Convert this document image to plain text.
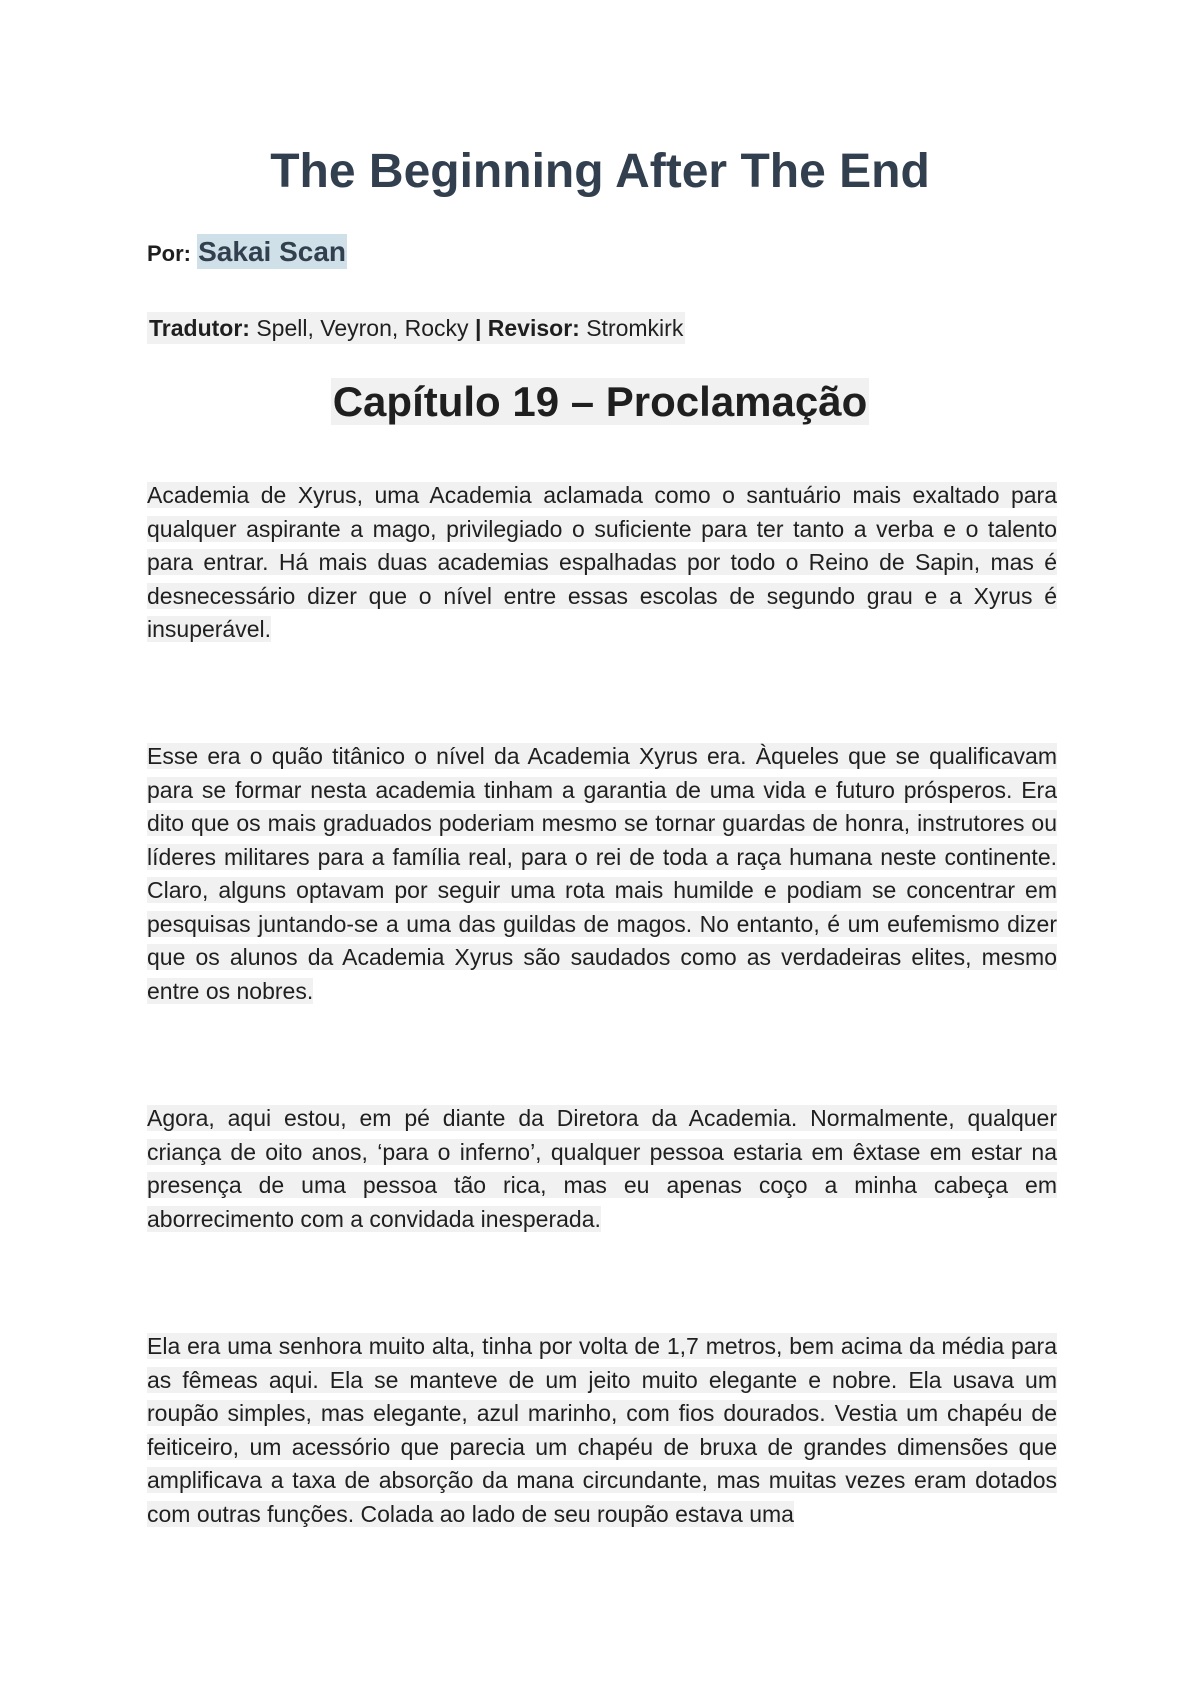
The Beginning After The End
Por: Sakai Scan
Tradutor: Spell, Veyron, Rocky | Revisor: Stromkirk
Capítulo 19 – Proclamação

Academia de Xyrus, uma Academia aclamada como o santuário mais exaltado para qualquer aspirante a mago, privilegiado o suficiente para ter tanto a verba e o talento para entrar. Há mais duas academias espalhadas por todo o Reino de Sapin, mas é desnecessário dizer que o nível entre essas escolas de segundo grau e a Xyrus é insuperável.

Esse era o quão titânico o nível da Academia Xyrus era. Àqueles que se qualificavam para se formar nesta academia tinham a garantia de uma vida e futuro prósperos. Era dito que os mais graduados poderiam mesmo se tornar guardas de honra, instrutores ou líderes militares para a família real, para o rei de toda a raça humana neste continente. Claro, alguns optavam por seguir uma rota mais humilde e podiam se concentrar em pesquisas juntando-se a uma das guildas de magos. No entanto, é um eufemismo dizer que os alunos da Academia Xyrus são saudados como as verdadeiras elites, mesmo entre os nobres.

Agora, aqui estou, em pé diante da Diretora da Academia. Normalmente, qualquer criança de oito anos, ‘para o inferno’, qualquer pessoa estaria em êxtase em estar na presença de uma pessoa tão rica, mas eu apenas coço a minha cabeça em aborrecimento com a convidada inesperada.

Ela era uma senhora muito alta, tinha por volta de 1,7 metros, bem acima da média para as fêmeas aqui. Ela se manteve de um jeito muito elegante e nobre. Ela usava um roupão simples, mas elegante, azul marinho, com fios dourados. Vestia um chapéu de feiticeiro, um acessório que parecia um chapéu de bruxa de grandes dimensões que amplificava a taxa de absorção da mana circundante, mas muitas vezes eram dotados com outras funções. Colada ao lado de seu roupão estava uma
